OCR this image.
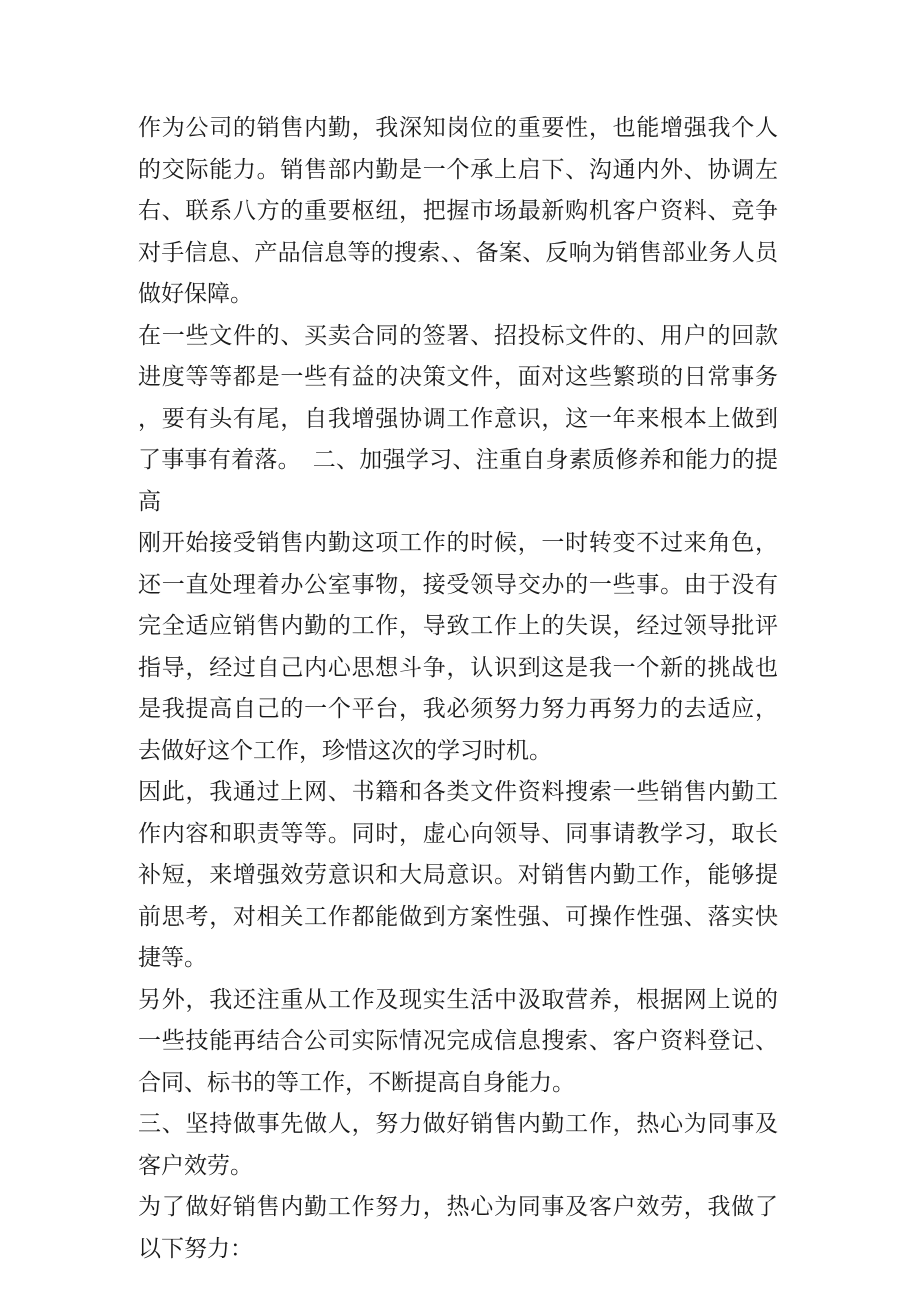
作为公司的销售内勤，我深知岗位的重要性，也能增强我个人的交际能力。销售部内勤是一个承上启下、沟通内外、协调左右、联系八方的重要枢纽，把握市场最新购机客户资料、竞争对手信息、产品信息等的搜索、、备案、反响为销售部业务人员做好保障。

在一些文件的、买卖合同的签署、招投标文件的、用户的回款进度等等都是一些有益的决策文件，面对这些繁琐的日常事务，要有头有尾，自我增强协调工作意识，这一年来根本上做到了事事有着落。　二、加强学习、注重自身素质修养和能力的提高

刚开始接受销售内勤这项工作的时候，一时转变不过来角色，还一直处理着办公室事物，接受领导交办的一些事。由于没有完全适应销售内勤的工作，导致工作上的失误，经过领导批评指导，经过自己内心思想斗争，认识到这是我一个新的挑战也是我提高自己的一个平台，我必须努力努力再努力的去适应，去做好这个工作，珍惜这次的学习时机。

因此，我通过上网、书籍和各类文件资料搜索一些销售内勤工作内容和职责等等。同时，虚心向领导、同事请教学习，取长补短，来增强效劳意识和大局意识。对销售内勤工作，能够提前思考，对相关工作都能做到方案性强、可操作性强、落实快捷等。

另外，我还注重从工作及现实生活中汲取营养，根据网上说的一些技能再结合公司实际情况完成信息搜索、客户资料登记、合同、标书的等工作，不断提高自身能力。

三、坚持做事先做人，努力做好销售内勤工作，热心为同事及客户效劳。

为了做好销售内勤工作努力，热心为同事及客户效劳，我做了以下努力：
